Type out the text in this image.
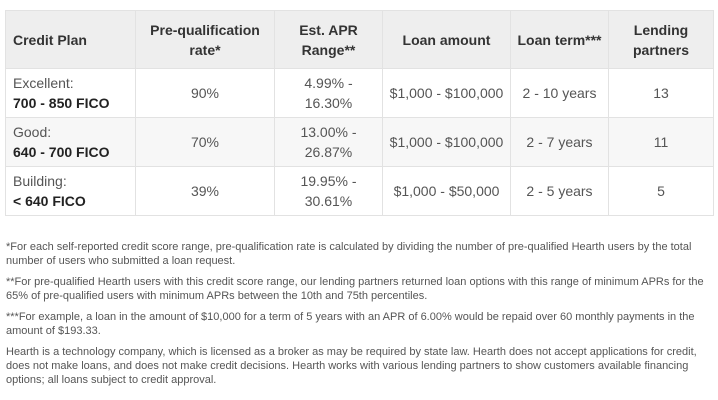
Credit Plan	Pre-qualification rate*	Est. APR Range**	Loan amount	Loan term***	Lending partners

Excellent:
700 - 850 FICO	90%	4.99% - 16.30%	$1,000 - $100,000	2 - 10 years	13

Good:
640 - 700 FICO	70%	13.00% - 26.87%	$1,000 - $100,000	2 - 7 years	11

Building:
< 640 FICO	39%	19.95% - 30.61%	$1,000 - $50,000	2 - 5 years	5

*For each self-reported credit score range, pre-qualification rate is calculated by dividing the number of pre-qualified Hearth users by the total number of users who submitted a loan request.

**For pre-qualified Hearth users with this credit score range, our lending partners returned loan options with this range of minimum APRs for the 65% of pre-qualified users with minimum APRs between the 10th and 75th percentiles.

***For example, a loan in the amount of $10,000 for a term of 5 years with an APR of 6.00% would be repaid over 60 monthly payments in the amount of $193.33.

Hearth is a technology company, which is licensed as a broker as may be required by state law. Hearth does not accept applications for credit, does not make loans, and does not make credit decisions. Hearth works with various lending partners to show customers available financing options; all loans subject to credit approval.
